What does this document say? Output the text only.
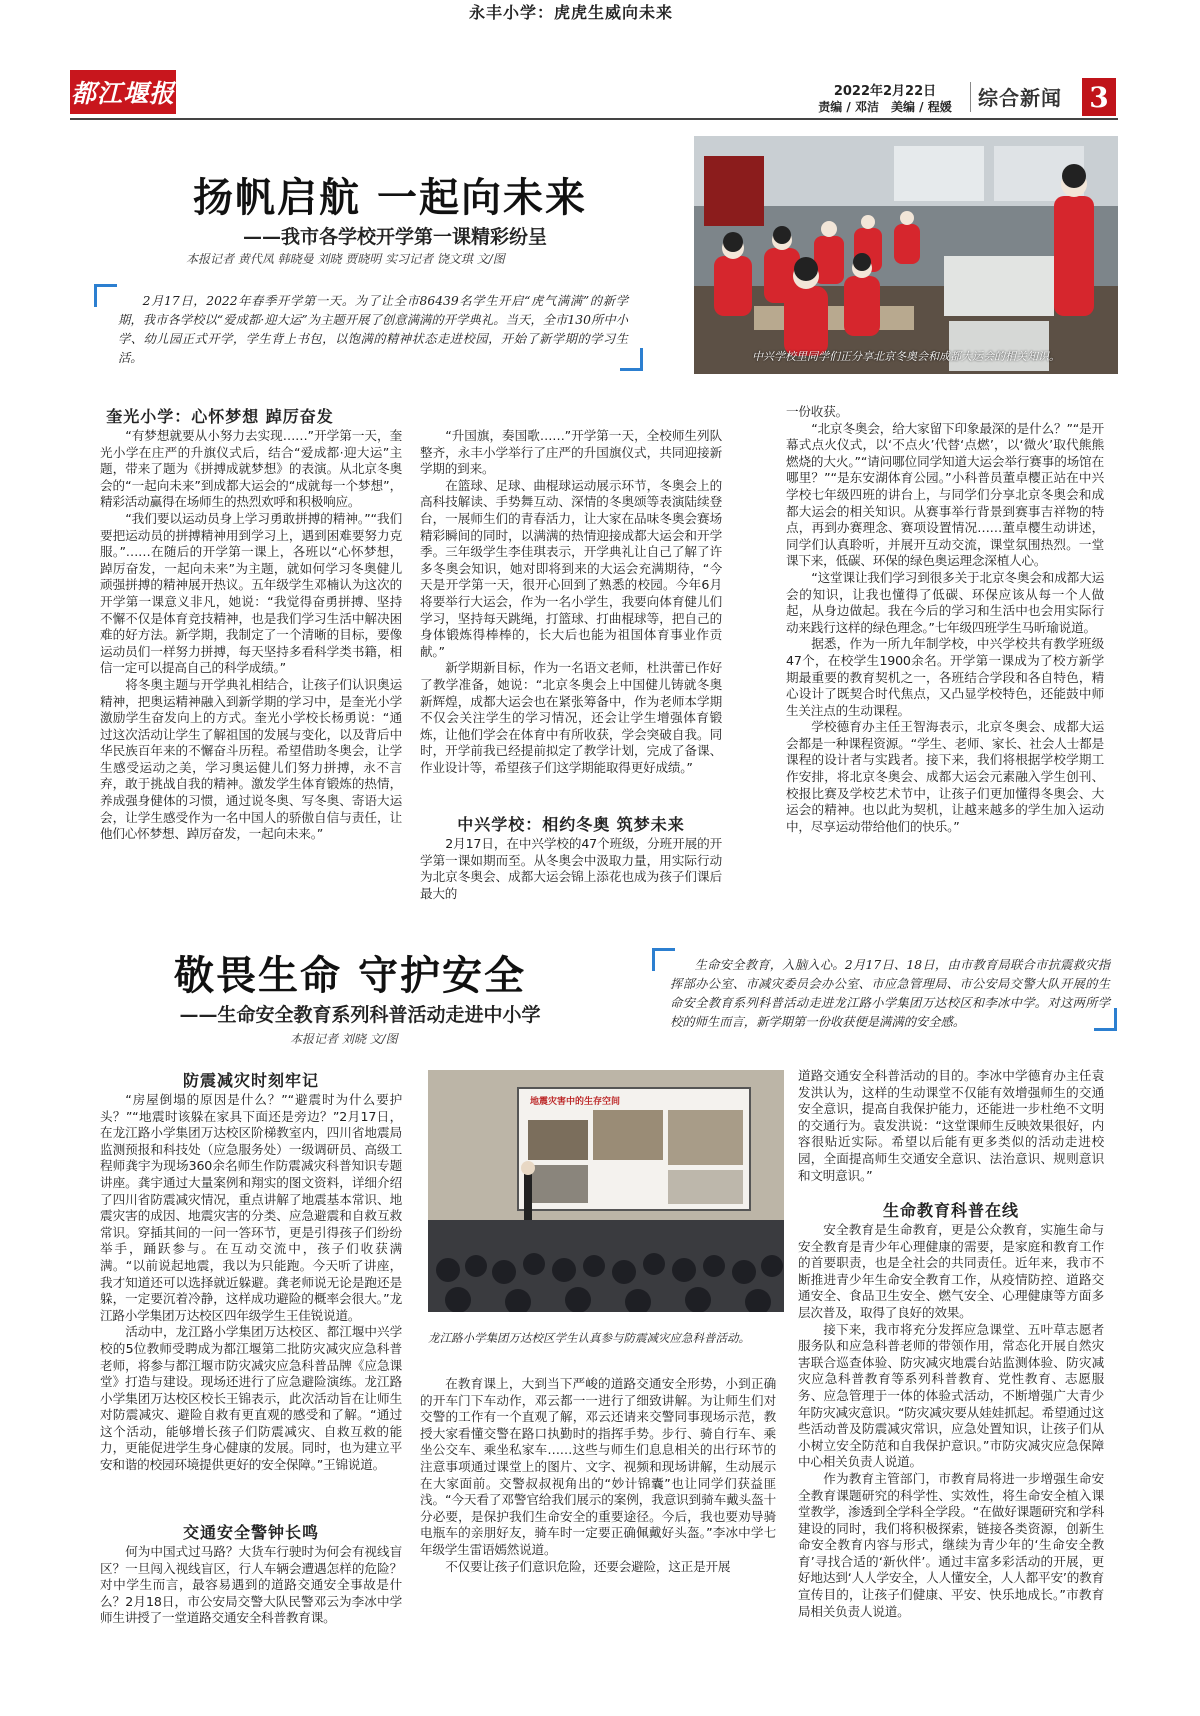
都江堰报	2022年2月22日
责编 / 邓洁　美编 / 程媛	综合新闻 3
扬帆启航 一起向未来
——我市各学校开学第一课精彩纷呈
本报记者 黄代凤 韩晓曼 刘晓 贾晓明 实习记者 饶文琪 文/图
2月17日，2022年春季开学第一天。为了让全市86439名学生开启“虎气满满”的新学期，我市各学校以“爱成都·迎大运”为主题开展了创意满满的开学典礼。当天，全市130所中小学、幼儿园正式开学，学生背上书包，以饱满的精神状态走进校园，开始了新学期的学习生活。	中兴学校里同学们正分享北京冬奥会和成都大运会的相关知识。
奎光小学：心怀梦想 踔厉奋发

“有梦想就要从小努力去实现……”开学第一天，奎光小学在庄严的升旗仪式后，结合“爱成都·迎大运”主题，带来了题为《拼搏成就梦想》的表演。从北京冬奥会的“一起向未来”到成都大运会的“成就每一个梦想”，精彩活动赢得在场师生的热烈欢呼和积极响应。

“我们要以运动员身上学习勇敢拼搏的精神。”“我们要把运动员的拼搏精神用到学习上，遇到困难要努力克服。”……在随后的开学第一课上，各班以“心怀梦想，踔厉奋发，一起向未来”为主题，就如何学习冬奥健儿顽强拼搏的精神展开热议。五年级学生邓楠认为这次的开学第一课意义非凡，她说：“我觉得奋勇拼搏、坚持不懈不仅是体育竞技精神，也是我们学习生活中解决困难的好方法。新学期，我制定了一个清晰的目标，要像运动员们一样努力拼搏，每天坚持多看科学类书籍，相信一定可以提高自己的科学成绩。”

将冬奥主题与开学典礼相结合，让孩子们认识奥运精神，把奥运精神融入到新学期的学习中，是奎光小学激励学生奋发向上的方式。奎光小学校长杨勇说：“通过这次活动让学生了解祖国的发展与变化，以及背后中华民族百年来的不懈奋斗历程。希望借助冬奥会，让学生感受运动之美，学习奥运健儿们努力拼搏，永不言弃，敢于挑战自我的精神。激发学生体育锻炼的热情，养成强身健体的习惯，通过说冬奥、写冬奥、寄语大运会，让学生感受作为一名中国人的骄傲自信与责任，让他们心怀梦想、踔厉奋发，一起向未来。”

永丰小学：虎虎生威向未来

“升国旗，奏国歌……”开学第一天，全校师生列队整齐，永丰小学举行了庄严的升国旗仪式，共同迎接新学期的到来。

在篮球、足球、曲棍球运动展示环节，冬奥会上的高科技解读、手势舞互动、深情的冬奥颂等表演陆续登台，一展师生们的青春活力，让大家在品味冬奥会赛场精彩瞬间的同时，以满满的热情迎接成都大运会和开学季。三年级学生李佳琪表示，开学典礼让自己了解了许多冬奥会知识，她对即将到来的大运会充满期待，“今天是开学第一天，很开心回到了熟悉的校园。今年6月将要举行大运会，作为一名小学生，我要向体育健儿们学习，坚持每天跳绳，打篮球、打曲棍球等，把自己的身体锻炼得棒棒的，长大后也能为祖国体育事业作贡献。”

新学期新目标，作为一名语文老师，杜洪蕾已作好了教学准备，她说：“北京冬奥会上中国健儿铸就冬奥新辉煌，成都大运会也在紧张筹备中，作为老师本学期不仅会关注学生的学习情况，还会让学生增强体育锻炼，让他们学会在体育中有所收获，学会突破自我。同时，开学前我已经提前拟定了教学计划，完成了备课、作业设计等，希望孩子们这学期能取得更好成绩。”

中兴学校：相约冬奥 筑梦未来

2月17日，在中兴学校的47个班级，分班开展的开学第一课如期而至。从冬奥会中汲取力量，用实际行动为北京冬奥会、成都大运会锦上添花也成为孩子们课后最大的

一份收获。

“北京冬奥会，给大家留下印象最深的是什么？”“是开幕式点火仪式，以‘不点火’代替‘点燃’，以‘微火’取代熊熊燃烧的大火。”“请问哪位同学知道大运会举行赛事的场馆在哪里？”“是东安湖体育公园。”小科普员董卓樱正站在中兴学校七年级四班的讲台上，与同学们分享北京冬奥会和成都大运会的相关知识。从赛事举行背景到赛事吉祥物的特点，再到办赛理念、赛项设置情况……董卓樱生动讲述，同学们认真聆听，并展开互动交流，课堂氛围热烈。一堂课下来，低碳、环保的绿色奥运理念深植人心。

“这堂课让我们学习到很多关于北京冬奥会和成都大运会的知识，让我也懂得了低碳、环保应该从每一个人做起，从身边做起。我在今后的学习和生活中也会用实际行动来践行这样的绿色理念。”七年级四班学生马昕瑜说道。

据悉，作为一所九年制学校，中兴学校共有教学班级47个，在校学生1900余名。开学第一课成为了校方新学期最重要的教育契机之一，各班结合学段和各自特色，精心设计了既契合时代焦点，又凸显学校特色，还能鼓中师生关注点的生动课程。

学校德育办主任王智海表示，北京冬奥会、成都大运会都是一种课程资源。“学生、老师、家长、社会人士都是课程的设计者与实践者。接下来，我们将根据学校学期工作安排，将北京冬奥会、成都大运会元素融入学生创刊、校报比赛及学校艺术节中，让孩子们更加懂得冬奥会、大运会的精神。也以此为契机，让越来越多的学生加入运动中，尽享运动带给他们的快乐。”

敬畏生命 守护安全
——生命安全教育系列科普活动走进中小学
本报记者 刘晓 文/图
生命安全教育，入脑入心。2月17日、18日，由市教育局联合市抗震救灾指挥部办公室、市减灾委员会办公室、市应急管理局、市公安局交警大队开展的生命安全教育系列科普活动走进龙江路小学集团万达校区和李冰中学。对这两所学校的师生而言，新学期第一份收获便是满满的安全感。
防震减灾时刻牢记

“房屋倒塌的原因是什么？”“避震时为什么要护头？”“地震时该躲在家具下面还是旁边？”2月17日，在龙江路小学集团万达校区阶梯教室内，四川省地震局监测预报和科技处（应急服务处）一级调研员、高级工程师龚宇为现场360余名师生作防震减灾科普知识专题讲座。龚宇通过大量案例和翔实的图文资料，详细介绍了四川省防震减灾情况，重点讲解了地震基本常识、地震灾害的成因、地震灾害的分类、应急避震和自救互救常识。穿插其间的一问一答环节，更是引得孩子们纷纷举手，踊跃参与。在互动交流中，孩子们收获满满。“以前说起地震，我以为只能跑。今天听了讲座，我才知道还可以选择就近躲避。龚老师说无论是跑还是躲，一定要沉着冷静，这样成功避险的概率会很大。”龙江路小学集团万达校区四年级学生王佳锐说道。

活动中，龙江路小学集团万达校区、都江堰中兴学校的5位教师受聘成为都江堰第二批防灾减灾应急科普老师，将参与都江堰市防灾减灾应急科普品牌《应急课堂》打造与建设。现场还进行了应急避险演练。龙江路小学集团万达校区校长王锦表示，此次活动旨在让师生对防震减灾、避险自救有更直观的感受和了解。“通过这个活动，能够增长孩子们防震减灾、自救互救的能力，更能促进学生身心健康的发展。同时，也为建立平安和谐的校园环境提供更好的安全保障。”王锦说道。

交通安全警钟长鸣

何为中国式过马路？大货车行驶时为何会有视线盲区？一旦闯入视线盲区，行人车辆会遭遇怎样的危险？对中学生而言，最容易遇到的道路交通安全事故是什么？2月18日，市公安局交警大队民警邓云为李冰中学师生讲授了一堂道路交通安全科普教育课。

地震灾害中的生存空间
龙江路小学集团万达校区学生认真参与防震减灾应急科普活动。

在教育课上，大到当下严峻的道路交通安全形势，小到正确的开车门下车动作，邓云都一一进行了细致讲解。为让师生们对交警的工作有一个直观了解，邓云还请来交警同事现场示范，教授大家看懂交警在路口执勤时的指挥手势。步行、骑自行车、乘坐公交车、乘坐私家车……这些与师生们息息相关的出行环节的注意事项通过课堂上的图片、文字、视频和现场讲解，生动展示在大家面前。交警叔叔视角出的“妙计锦囊”也让同学们获益匪浅。“今天看了邓警官给我们展示的案例，我意识到骑车戴头盔十分必要，是保护我们生命安全的重要途径。今后，我也要劝导骑电瓶车的亲朋好友，骑车时一定要正确佩戴好头盔。”李冰中学七年级学生雷语嫣然说道。

不仅要让孩子们意识危险，还要会避险，这正是开展

道路交通安全科普活动的目的。李冰中学德育办主任袁发洪认为，这样的生动课堂不仅能有效增强师生的交通安全意识，提高自我保护能力，还能进一步杜绝不文明的交通行为。袁发洪说：“这堂课师生反映效果很好，内容很贴近实际。希望以后能有更多类似的活动走进校园，全面提高师生交通安全意识、法治意识、规则意识和文明意识。”

生命教育科普在线

安全教育是生命教育，更是公众教育，实施生命与安全教育是青少年心理健康的需要，是家庭和教育工作的首要职责，也是全社会的共同责任。近年来，我市不断推进青少年生命安全教育工作，从疫情防控、道路交通安全、食品卫生安全、燃气安全、心理健康等方面多层次普及，取得了良好的效果。

接下来，我市将充分发挥应急课堂、五叶草志愿者服务队和应急科普老师的带领作用，常态化开展自然灾害联合巡查体验、防灾减灾地震台站监测体验、防灾减灾应急科普教育等系列科普教育、党性教育、志愿服务、应急管理于一体的体验式活动，不断增强广大青少年防灾减灾意识。“防灾减灾要从娃娃抓起。希望通过这些活动普及防震减灾常识，应急处置知识，让孩子们从小树立安全防范和自我保护意识。”市防灾减灾应急保障中心相关负责人说道。

作为教育主管部门，市教育局将进一步增强生命安全教育课题研究的科学性、实效性，将生命安全植入课堂教学，渗透到全学科全学段。“在做好课题研究和学科建设的同时，我们将积极探索，链接各类资源，创新生命安全教育内容与形式，继续为青少年的‘生命安全教育’寻找合适的‘新伙伴’。通过丰富多彩活动的开展，更好地达到‘人人学安全，人人懂安全，人人都平安’的教育宣传目的，让孩子们健康、平安、快乐地成长。”市教育局相关负责人说道。
